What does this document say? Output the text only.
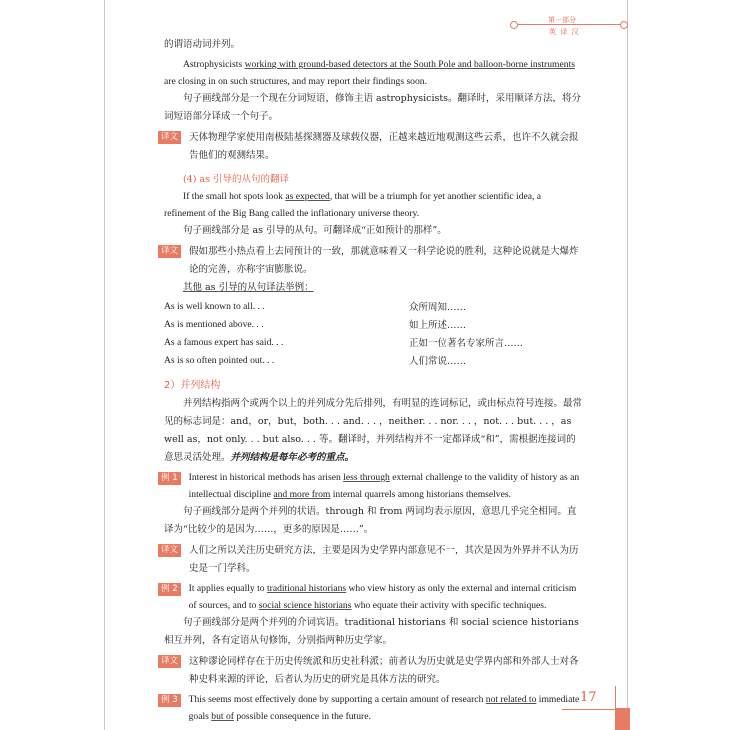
第一部分
英 译 汉

的谓语动词并列。

Astrophysicists working with ground-based detectors at the South Pole and balloon-borne instruments are closing in on such structures, and may report their findings soon.

句子画线部分是一个现在分词短语，修饰主语 astrophysicists。翻译时，采用顺译方法，将分词短语部分译成一个句子。

译文	天体物理学家使用南极陆基探测器及球载仪器，正越来越近地观测这些云系，也许不久就会报告他们的观测结果。

(4) as 引导的从句的翻译

If the small hot spots look as expected, that will be a triumph for yet another scientific idea, a refinement of the Big Bang called the inflationary universe theory.

句子画线部分是 as 引导的从句。可翻译成“正如预计的那样”。

译文	假如那些小热点看上去同预计的一致，那就意味着又一科学论说的胜利，这种论说就是大爆炸论的完善，亦称宇宙膨胀说。

其他 as 引导的从句译法举例：

As is well known to all. . .	众所周知……
As is mentioned above. . .	如上所述……
As a famous expert has said. . .	正如一位著名专家所言……
As is so often pointed out. . .	人们常说……

2）并列结构

并列结构指两个或两个以上的并列成分先后排列，有明显的连词标记，或由标点符号连接。最常见的标志词是：and，or，but，both. . . and. . . ，neither. . . nor. . . ，not. . . but. . . ，as well as，not only. . . but also. . . 等。翻译时，并列结构并不一定都译成“和”，需根据连接词的意思灵活处理。并列结构是每年必考的重点。

例 1	Interest in historical methods has arisen less through external challenge to the validity of history as an intellectual discipline and more from internal quarrels among historians themselves.

句子画线部分是两个并列的状语。through 和 from 两词均表示原因，意思几乎完全相同。直译为“比较少的是因为……，更多的原因是……”。

译文	人们之所以关注历史研究方法，主要是因为史学界内部意见不一，其次是因为外界并不认为历史是一门学科。

例 2	It applies equally to traditional historians who view history as only the external and internal criticism of sources, and to social science historians who equate their activity with specific techniques.

句子画线部分是两个并列的介词宾语。traditional historians 和 social science historians 相互并列，各有定语从句修饰，分别指两种历史学家。

译文	这种谬论同样存在于历史传统派和历史社科派；前者认为历史就是史学界内部和外部人士对各种史料来源的评论，后者认为历史的研究是具体方法的研究。

例 3	This seems most effectively done by supporting a certain amount of research not related to immediate goals but of possible consequence in the future.

17
